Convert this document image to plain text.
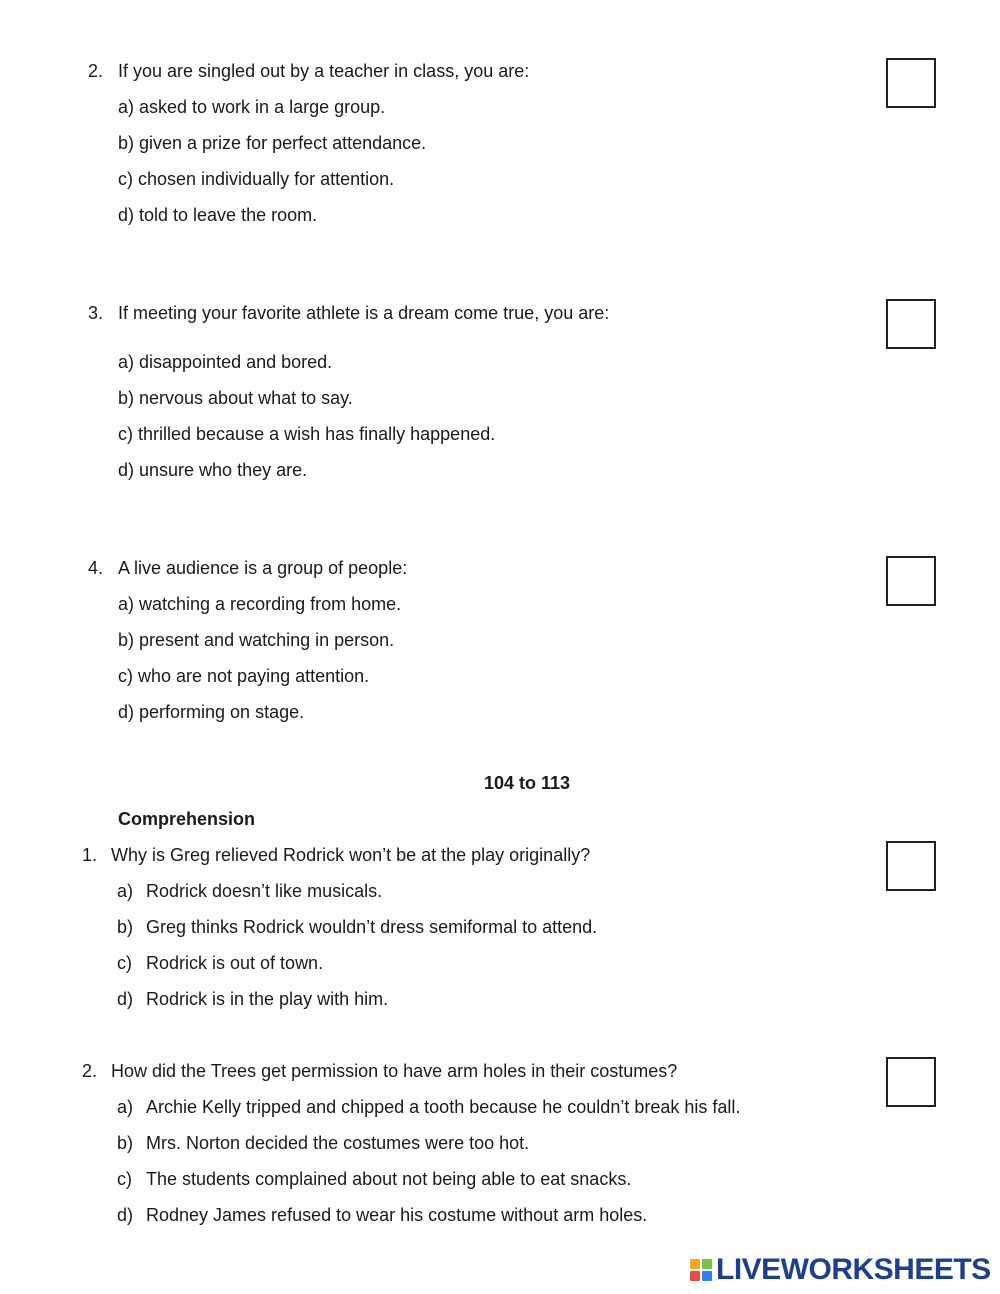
2. If you are singled out by a teacher in class, you are:
a) asked to work in a large group.
b) given a prize for perfect attendance.
c) chosen individually for attention.
d) told to leave the room.
3. If meeting your favorite athlete is a dream come true, you are:
a) disappointed and bored.
b) nervous about what to say.
c) thrilled because a wish has finally happened.
d) unsure who they are.
4. A live audience is a group of people:
a) watching a recording from home.
b) present and watching in person.
c) who are not paying attention.
d) performing on stage.
104 to 113
Comprehension
1. Why is Greg relieved Rodrick won’t be at the play originally?
a) Rodrick doesn’t like musicals.
b) Greg thinks Rodrick wouldn’t dress semiformal to attend.
c) Rodrick is out of town.
d) Rodrick is in the play with him.
2. How did the Trees get permission to have arm holes in their costumes?
a) Archie Kelly tripped and chipped a tooth because he couldn’t break his fall.
b) Mrs. Norton decided the costumes were too hot.
c) The students complained about not being able to eat snacks.
d) Rodney James refused to wear his costume without arm holes.
LIVEWORKSHEETS
